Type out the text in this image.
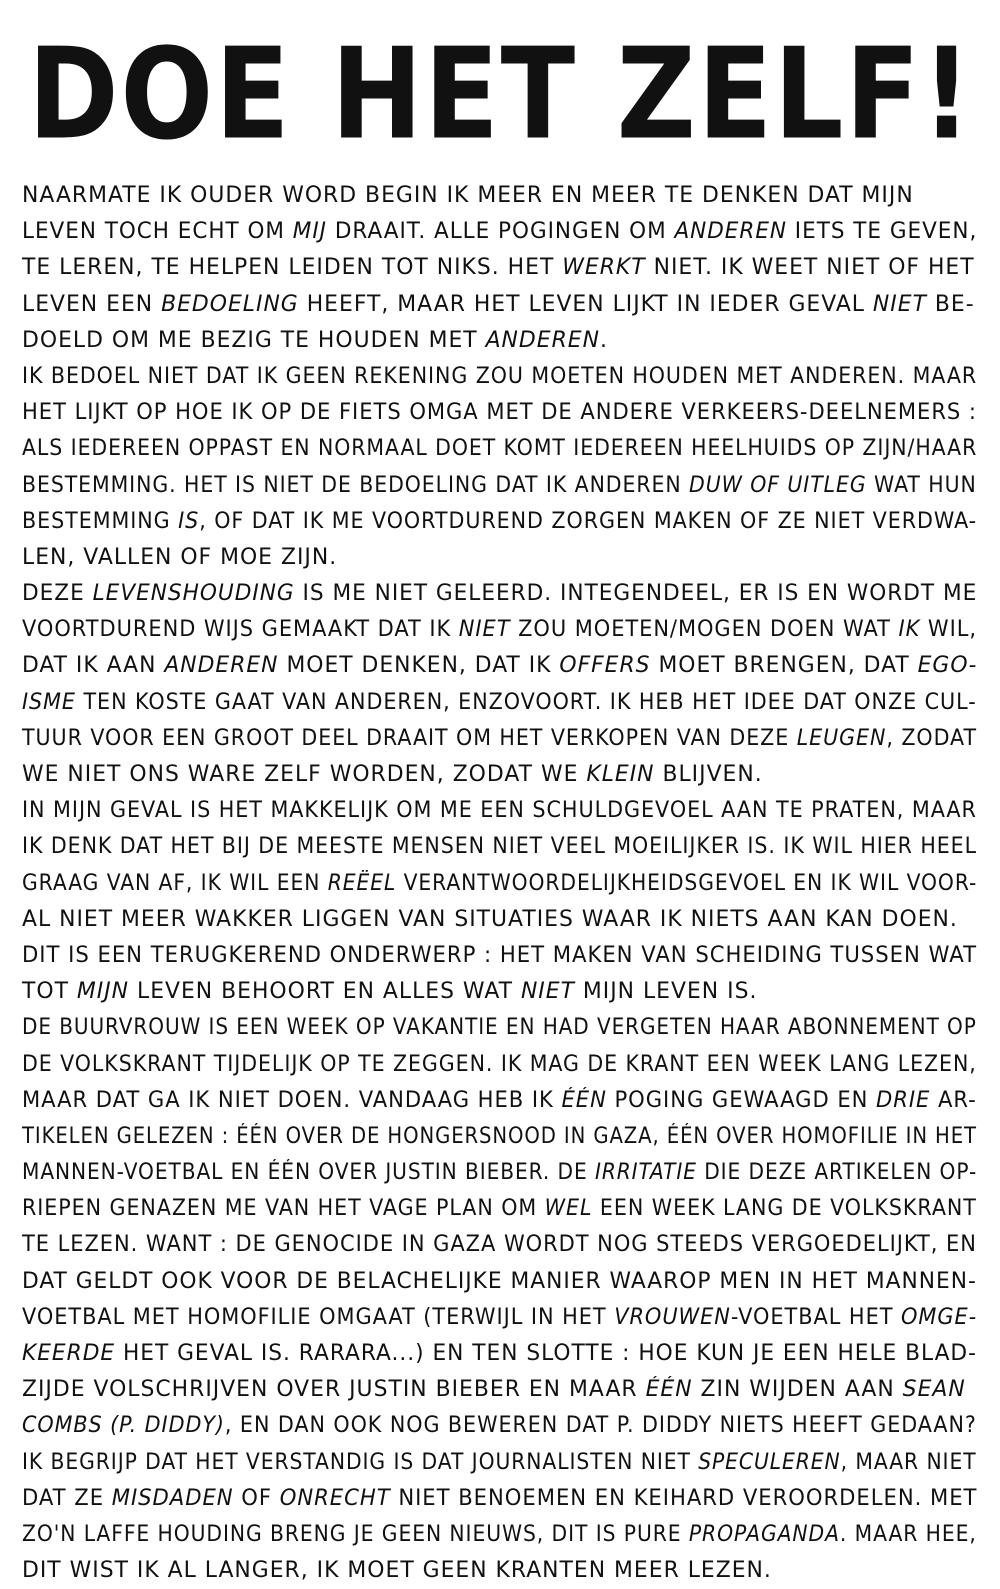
DOE HET ZELF!
NAARMATE IK OUDER WORD BEGIN IK MEER EN MEER TE DENKEN DAT MIJN
LEVEN TOCH ECHT OM MIJ DRAAIT. ALLE POGINGEN OM ANDEREN IETS TE GEVEN,
TE LEREN, TE HELPEN LEIDEN TOT NIKS. HET WERKT NIET. IK WEET NIET OF HET
LEVEN EEN BEDOELING HEEFT, MAAR HET LEVEN LIJKT IN IEDER GEVAL NIET BE-
DOELD OM ME BEZIG TE HOUDEN MET ANDEREN.
IK BEDOEL NIET DAT IK GEEN REKENING ZOU MOETEN HOUDEN MET ANDEREN. MAAR
HET LIJKT OP HOE IK OP DE FIETS OMGA MET DE ANDERE VERKEERS-DEELNEMERS :
ALS IEDEREEN OPPAST EN NORMAAL DOET KOMT IEDEREEN HEELHUIDS OP ZIJN/HAAR
BESTEMMING. HET IS NIET DE BEDOELING DAT IK ANDEREN DUW OF UITLEG WAT HUN
BESTEMMING IS, OF DAT IK ME VOORTDUREND ZORGEN MAKEN OF ZE NIET VERDWA-
LEN, VALLEN OF MOE ZIJN.
DEZE LEVENSHOUDING IS ME NIET GELEERD. INTEGENDEEL, ER IS EN WORDT ME
VOORTDUREND WIJS GEMAAKT DAT IK NIET ZOU MOETEN/MOGEN DOEN WAT IK WIL,
DAT IK AAN ANDEREN MOET DENKEN, DAT IK OFFERS MOET BRENGEN, DAT EGO-
ISME TEN KOSTE GAAT VAN ANDEREN, ENZOVOORT. IK HEB HET IDEE DAT ONZE CUL-
TUUR VOOR EEN GROOT DEEL DRAAIT OM HET VERKOPEN VAN DEZE LEUGEN, ZODAT
WE NIET ONS WARE ZELF WORDEN, ZODAT WE KLEIN BLIJVEN.
IN MIJN GEVAL IS HET MAKKELIJK OM ME EEN SCHULDGEVOEL AAN TE PRATEN, MAAR
IK DENK DAT HET BIJ DE MEESTE MENSEN NIET VEEL MOEILIJKER IS. IK WIL HIER HEEL
GRAAG VAN AF, IK WIL EEN REËEL VERANTWOORDELIJKHEIDSGEVOEL EN IK WIL VOOR-
AL NIET MEER WAKKER LIGGEN VAN SITUATIES WAAR IK NIETS AAN KAN DOEN.
DIT IS EEN TERUGKEREND ONDERWERP : HET MAKEN VAN SCHEIDING TUSSEN WAT
TOT MIJN LEVEN BEHOORT EN ALLES WAT NIET MIJN LEVEN IS.
DE BUURVROUW IS EEN WEEK OP VAKANTIE EN HAD VERGETEN HAAR ABONNEMENT OP
DE VOLKSKRANT TIJDELIJK OP TE ZEGGEN. IK MAG DE KRANT EEN WEEK LANG LEZEN,
MAAR DAT GA IK NIET DOEN. VANDAAG HEB IK ÉÉN POGING GEWAAGD EN DRIE AR-
TIKELEN GELEZEN : ÉÉN OVER DE HONGERSNOOD IN GAZA, ÉÉN OVER HOMOFILIE IN HET
MANNEN-VOETBAL EN ÉÉN OVER JUSTIN BIEBER. DE IRRITATIE DIE DEZE ARTIKELEN OP-
RIEPEN GENAZEN ME VAN HET VAGE PLAN OM WEL EEN WEEK LANG DE VOLKSKRANT
TE LEZEN. WANT : DE GENOCIDE IN GAZA WORDT NOG STEEDS VERGOEDELIJKT, EN
DAT GELDT OOK VOOR DE BELACHELIJKE MANIER WAAROP MEN IN HET MANNEN-
VOETBAL MET HOMOFILIE OMGAAT (TERWIJL IN HET VROUWEN-VOETBAL HET OMGE-
KEERDE HET GEVAL IS. RARARA...) EN TEN SLOTTE : HOE KUN JE EEN HELE BLAD-
ZIJDE VOLSCHRIJVEN OVER JUSTIN BIEBER EN MAAR ÉÉN ZIN WIJDEN AAN SEAN
COMBS (P. DIDDY), EN DAN OOK NOG BEWEREN DAT P. DIDDY NIETS HEEFT GEDAAN?
IK BEGRIJP DAT HET VERSTANDIG IS DAT JOURNALISTEN NIET SPECULEREN, MAAR NIET
DAT ZE MISDADEN OF ONRECHT NIET BENOEMEN EN KEIHARD VEROORDELEN. MET
ZO'N LAFFE HOUDING BRENG JE GEEN NIEUWS, DIT IS PURE PROPAGANDA. MAAR HEE,
DIT WIST IK AL LANGER, IK MOET GEEN KRANTEN MEER LEZEN.
